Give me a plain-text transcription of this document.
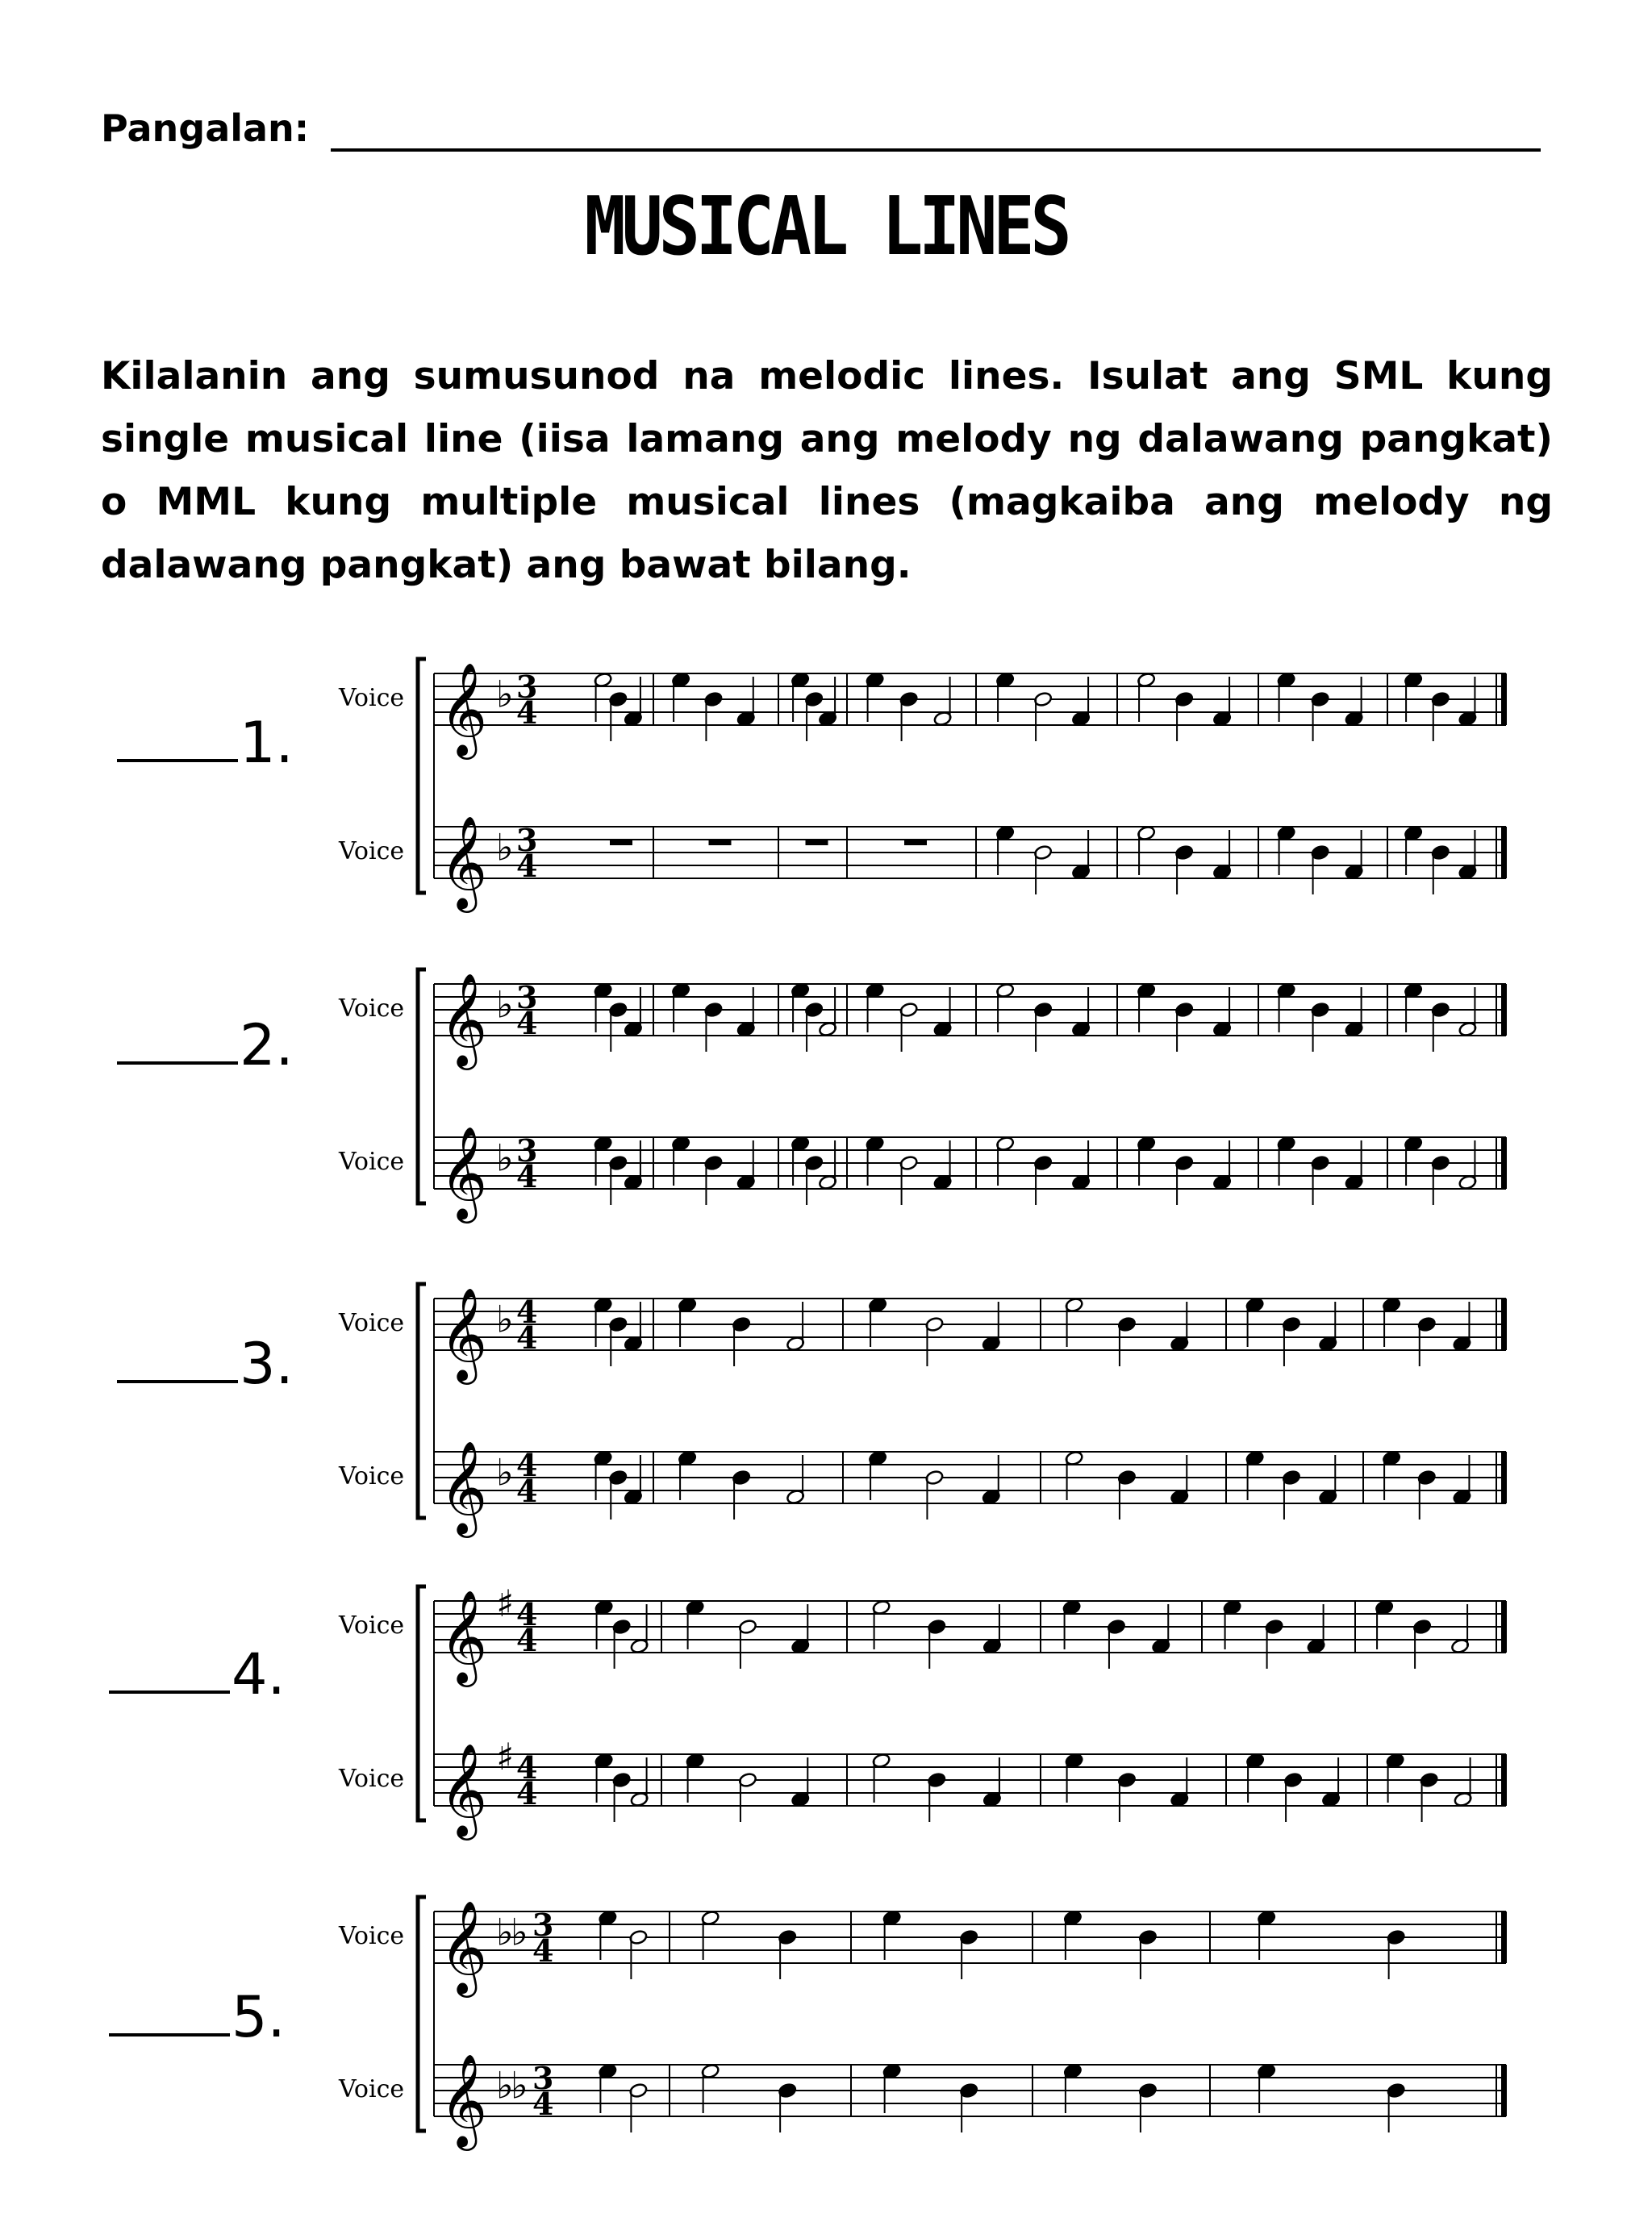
Pangalan:
MUSICAL LINES
Kilalanin ang sumusunod na melodic lines. Isulat ang SML kung single musical line (iisa lamang ang melody ng dalawang pangkat) o MML kung multiple musical lines (magkaiba ang melody ng dalawang pangkat) ang bawat bilang.
1.
2.
3.
4.
5.
Voice 𝄞 ♭ 3
4
Voice 𝄞 ♭ 3
4
Voice 𝄞 ♭ 3
4
Voice 𝄞 ♭ 3
4
Voice 𝄞 ♭ 4
4
Voice 𝄞 ♭ 4
4
Voice 𝄞 ♯ 4
4
Voice 𝄞 ♯ 4
4
Voice 𝄞 ♭
♭ 3
4
Voice 𝄞 ♭
♭ 3
4
